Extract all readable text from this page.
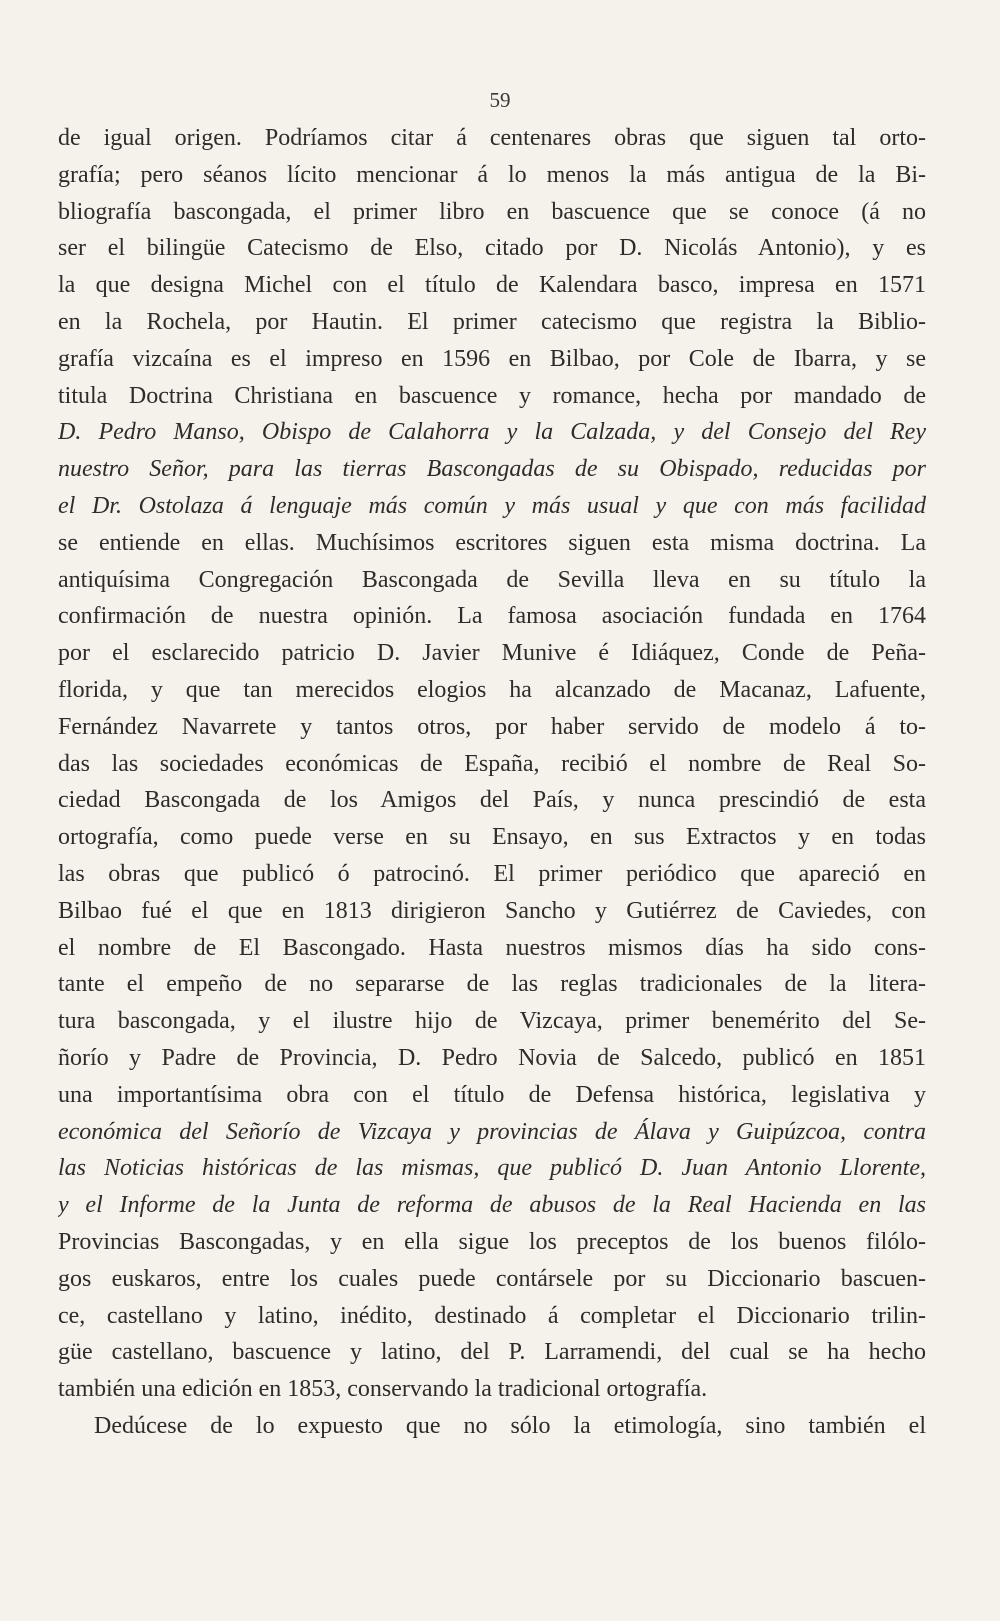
59
de igual origen. Podríamos citar á centenares obras que siguen tal orto-
grafía; pero séanos lícito mencionar á lo menos la más antigua de la Bi-
bliografía bascongada, el primer libro en bascuence que se conoce (á no
ser el bilingüe Catecismo de Elso, citado por D. Nicolás Antonio), y es
la que designa Michel con el título de Kalendara basco, impresa en 1571
en la Rochela, por Hautin. El primer catecismo que registra la Biblio-
grafía vizcaína es el impreso en 1596 en Bilbao, por Cole de Ibarra, y se
titula Doctrina Christiana en bascuence y romance, hecha por mandado de
D. Pedro Manso, Obispo de Calahorra y la Calzada, y del Consejo del Rey
nuestro Señor, para las tierras Bascongadas de su Obispado, reducidas por
el Dr. Ostolaza á lenguaje más común y más usual y que con más facilidad
se entiende en ellas. Muchísimos escritores siguen esta misma doctrina. La
antiquísima Congregación Bascongada de Sevilla lleva en su título la
confirmación de nuestra opinión. La famosa asociación fundada en 1764
por el esclarecido patricio D. Javier Munive é Idiáquez, Conde de Peña-
florida, y que tan merecidos elogios ha alcanzado de Macanaz, Lafuente,
Fernández Navarrete y tantos otros, por haber servido de modelo á to-
das las sociedades económicas de España, recibió el nombre de Real So-
ciedad Bascongada de los Amigos del País, y nunca prescindió de esta
ortografía, como puede verse en su Ensayo, en sus Extractos y en todas
las obras que publicó ó patrocinó. El primer periódico que apareció en
Bilbao fué el que en 1813 dirigieron Sancho y Gutiérrez de Caviedes, con
el nombre de El Bascongado. Hasta nuestros mismos días ha sido cons-
tante el empeño de no separarse de las reglas tradicionales de la litera-
tura bascongada, y el ilustre hijo de Vizcaya, primer benemérito del Se-
ñorío y Padre de Provincia, D. Pedro Novia de Salcedo, publicó en 1851
una importantísima obra con el título de Defensa histórica, legislativa y
económica del Señorío de Vizcaya y provincias de Álava y Guipúzcoa, contra
las Noticias históricas de las mismas, que publicó D. Juan Antonio Llorente,
y el Informe de la Junta de reforma de abusos de la Real Hacienda en las
Provincias Bascongadas, y en ella sigue los preceptos de los buenos filólo-
gos euskaros, entre los cuales puede contársele por su Diccionario bascuen-
ce, castellano y latino, inédito, destinado á completar el Diccionario trilin-
güe castellano, bascuence y latino, del P. Larramendi, del cual se ha hecho
también una edición en 1853, conservando la tradicional ortografía.
Dedúcese de lo expuesto que no sólo la etimología, sino también el
